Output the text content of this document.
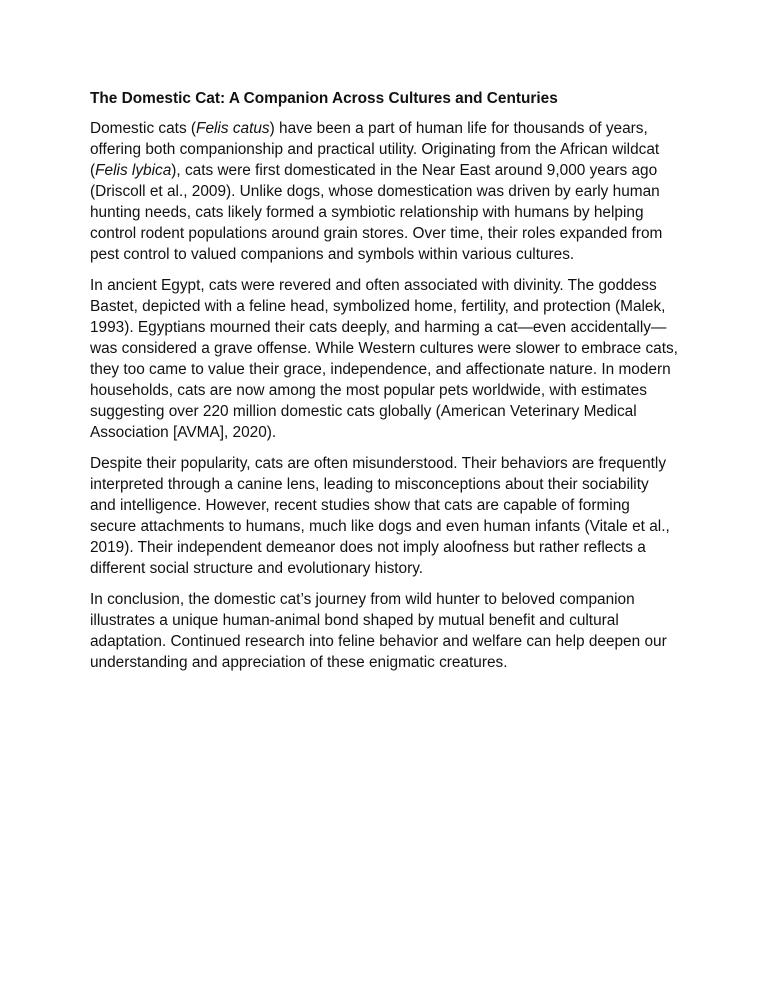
The Domestic Cat: A Companion Across Cultures and Centuries

Domestic cats (Felis catus) have been a part of human life for thousands of years, offering both companionship and practical utility. Originating from the African wildcat (Felis lybica), cats were first domesticated in the Near East around 9,000 years ago (Driscoll et al., 2009). Unlike dogs, whose domestication was driven by early human hunting needs, cats likely formed a symbiotic relationship with humans by helping control rodent populations around grain stores. Over time, their roles expanded from pest control to valued companions and symbols within various cultures.

In ancient Egypt, cats were revered and often associated with divinity. The goddess Bastet, depicted with a feline head, symbolized home, fertility, and protection (Malek, 1993). Egyptians mourned their cats deeply, and harming a cat—even accidentally—was considered a grave offense. While Western cultures were slower to embrace cats, they too came to value their grace, independence, and affectionate nature. In modern households, cats are now among the most popular pets worldwide, with estimates suggesting over 220 million domestic cats globally (American Veterinary Medical Association [AVMA], 2020).

Despite their popularity, cats are often misunderstood. Their behaviors are frequently interpreted through a canine lens, leading to misconceptions about their sociability and intelligence. However, recent studies show that cats are capable of forming secure attachments to humans, much like dogs and even human infants (Vitale et al., 2019). Their independent demeanor does not imply aloofness but rather reflects a different social structure and evolutionary history.

In conclusion, the domestic cat’s journey from wild hunter to beloved companion illustrates a unique human-animal bond shaped by mutual benefit and cultural adaptation. Continued research into feline behavior and welfare can help deepen our understanding and appreciation of these enigmatic creatures.
